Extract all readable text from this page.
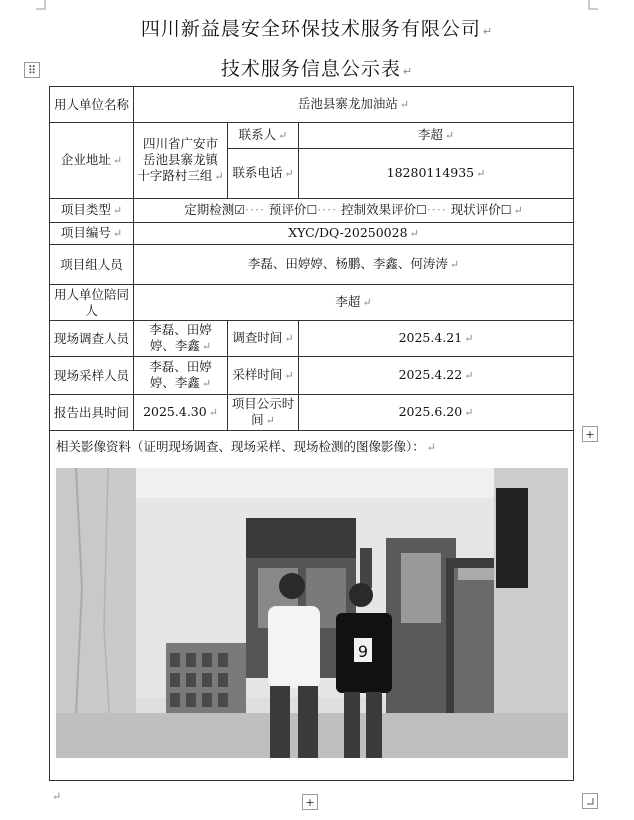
⠿
四川新益晨安全环保技术服务有限公司 ↵
技术服务信息公示表 ↵
用人单位名称	岳池县寨龙加油站 ↵		
企业地址 ↵	四川省广安市岳池县寨龙镇十字路村三组 ↵	联系人 ↵	李超 ↵
		联系电话 ↵	18280114935 ↵
项目类型 ↵	定期检测☑···· 预评价☐···· 控制效果评价☐···· 现状评价☐ ↵		
项目编号 ↵	XYC/DQ-20250028 ↵		
项目组人员	李磊、田婷婷、杨鹏、李鑫、何涛涛 ↵		
用人单位陪同人	李超 ↵		
现场调查人员	李磊、田婷婷、李鑫 ↵	调查时间 ↵	2025.4.21 ↵
现场采样人员	李磊、田婷婷、李鑫 ↵	采样时间 ↵	2025.4.22 ↵
报告出具时间	2025.4.30 ↵	项目公示时间 ↵	2025.6.20 ↵

相关影像资料（证明现场调查、现场采样、现场检测的图像影像）： ↵
9			
+
+
↵
